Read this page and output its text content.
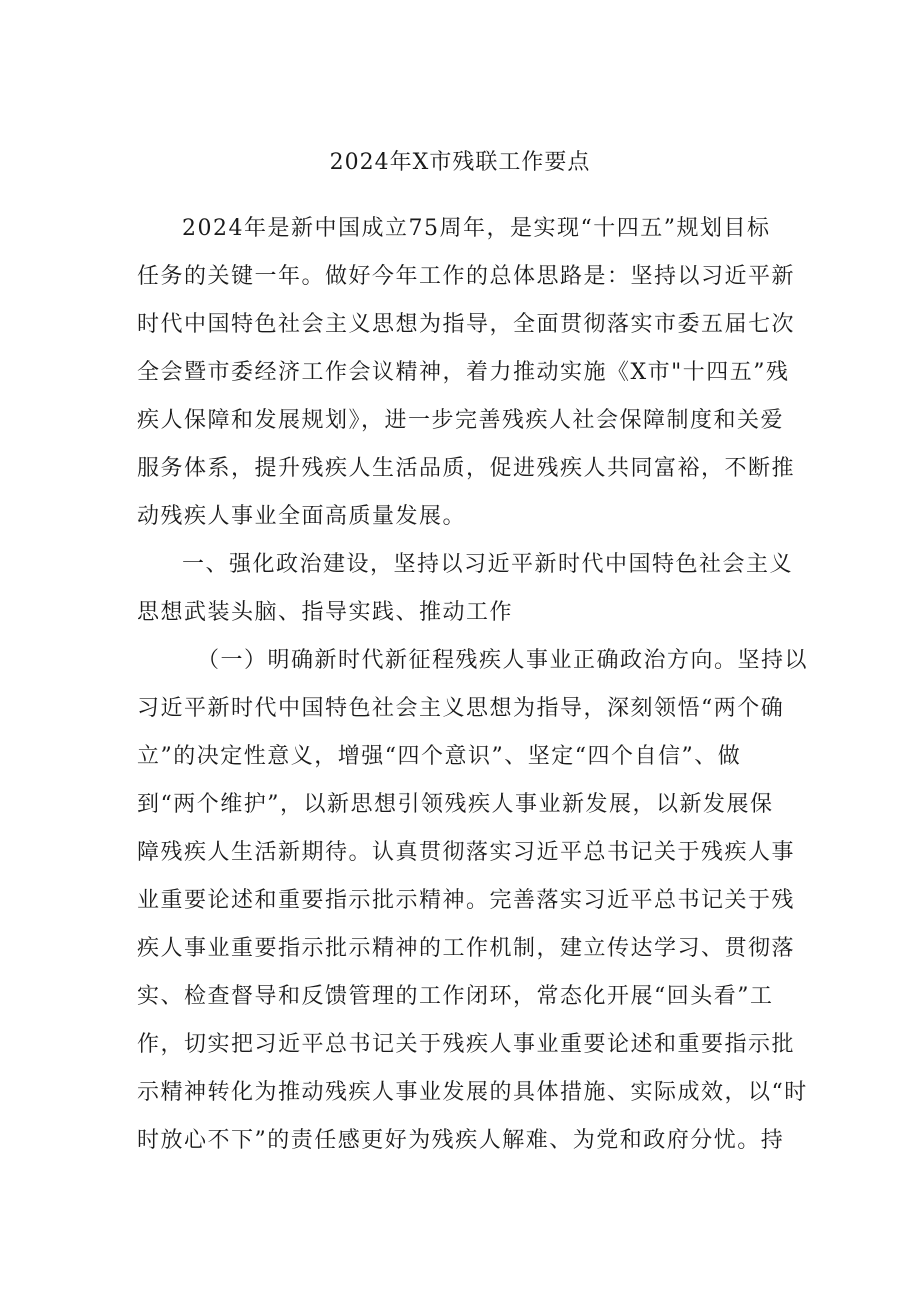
2024年X市残联工作要点
2024年是新中国成立75周年，是实现“十四五”规划目标
任务的关键一年。做好今年工作的总体思路是：坚持以习近平新
时代中国特色社会主义思想为指导，全面贯彻落实市委五届七次
全会暨市委经济工作会议精神，着力推动实施《X市"十四五”残
疾人保障和发展规划》，进一步完善残疾人社会保障制度和关爱
服务体系，提升残疾人生活品质，促进残疾人共同富裕，不断推
动残疾人事业全面高质量发展。
一、强化政治建设，坚持以习近平新时代中国特色社会主义
思想武装头脑、指导实践、推动工作
（一）明确新时代新征程残疾人事业正确政治方向。坚持以
习近平新时代中国特色社会主义思想为指导，深刻领悟“两个确
立”的决定性意义，增强“四个意识”、坚定“四个自信”、做
到“两个维护”，以新思想引领残疾人事业新发展，以新发展保
障残疾人生活新期待。认真贯彻落实习近平总书记关于残疾人事
业重要论述和重要指示批示精神。完善落实习近平总书记关于残
疾人事业重要指示批示精神的工作机制，建立传达学习、贯彻落
实、检查督导和反馈管理的工作闭环，常态化开展“回头看”工
作，切实把习近平总书记关于残疾人事业重要论述和重要指示批
示精神转化为推动残疾人事业发展的具体措施、实际成效，以“时
时放心不下”的责任感更好为残疾人解难、为党和政府分忧。持
